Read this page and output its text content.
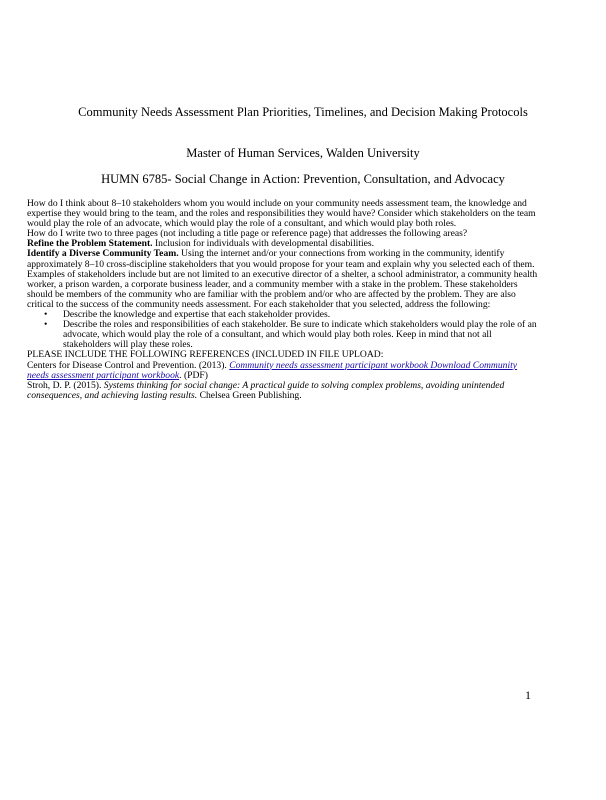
Community Needs Assessment Plan Priorities, Timelines, and Decision Making Protocols
Master of Human Services, Walden University
HUMN 6785- Social Change in Action: Prevention, Consultation, and Advocacy

How do I think about 8–10 stakeholders whom you would include on your community needs assessment team, the knowledge and expertise they would bring to the team, and the roles and responsibilities they would have? Consider which stakeholders on the team would play the role of an advocate, which would play the role of a consultant, and which would play both roles.

How do I write two to three pages (not including a title page or reference page) that addresses the following areas?

Refine the Problem Statement. Inclusion for individuals with developmental disabilities.

Identify a Diverse Community Team. Using the internet and/or your connections from working in the community, identify approximately 8–10 cross-discipline stakeholders that you would propose for your team and explain why you selected each of them. Examples of stakeholders include but are not limited to an executive director of a shelter, a school administrator, a community health worker, a prison warden, a corporate business leader, and a community member with a stake in the problem. These stakeholders should be members of the community who are familiar with the problem and/or who are affected by the problem. They are also critical to the success of the community needs assessment. For each stakeholder that you selected, address the following:

• Describe the knowledge and expertise that each stakeholder provides.
• Describe the roles and responsibilities of each stakeholder. Be sure to indicate which stakeholders would play the role of an advocate, which would play the role of a consultant, and which would play both roles. Keep in mind that not all stakeholders will play these roles.

PLEASE INCLUDE THE FOLLOWING REFERENCES (INCLUDED IN FILE UPLOAD:

Centers for Disease Control and Prevention. (2013). Community needs assessment participant workbook Download Community needs assessment participant workbook. (PDF)

Stroh, D. P. (2015). Systems thinking for social change: A practical guide to solving complex problems, avoiding unintended consequences, and achieving lasting results. Chelsea Green Publishing.

1
